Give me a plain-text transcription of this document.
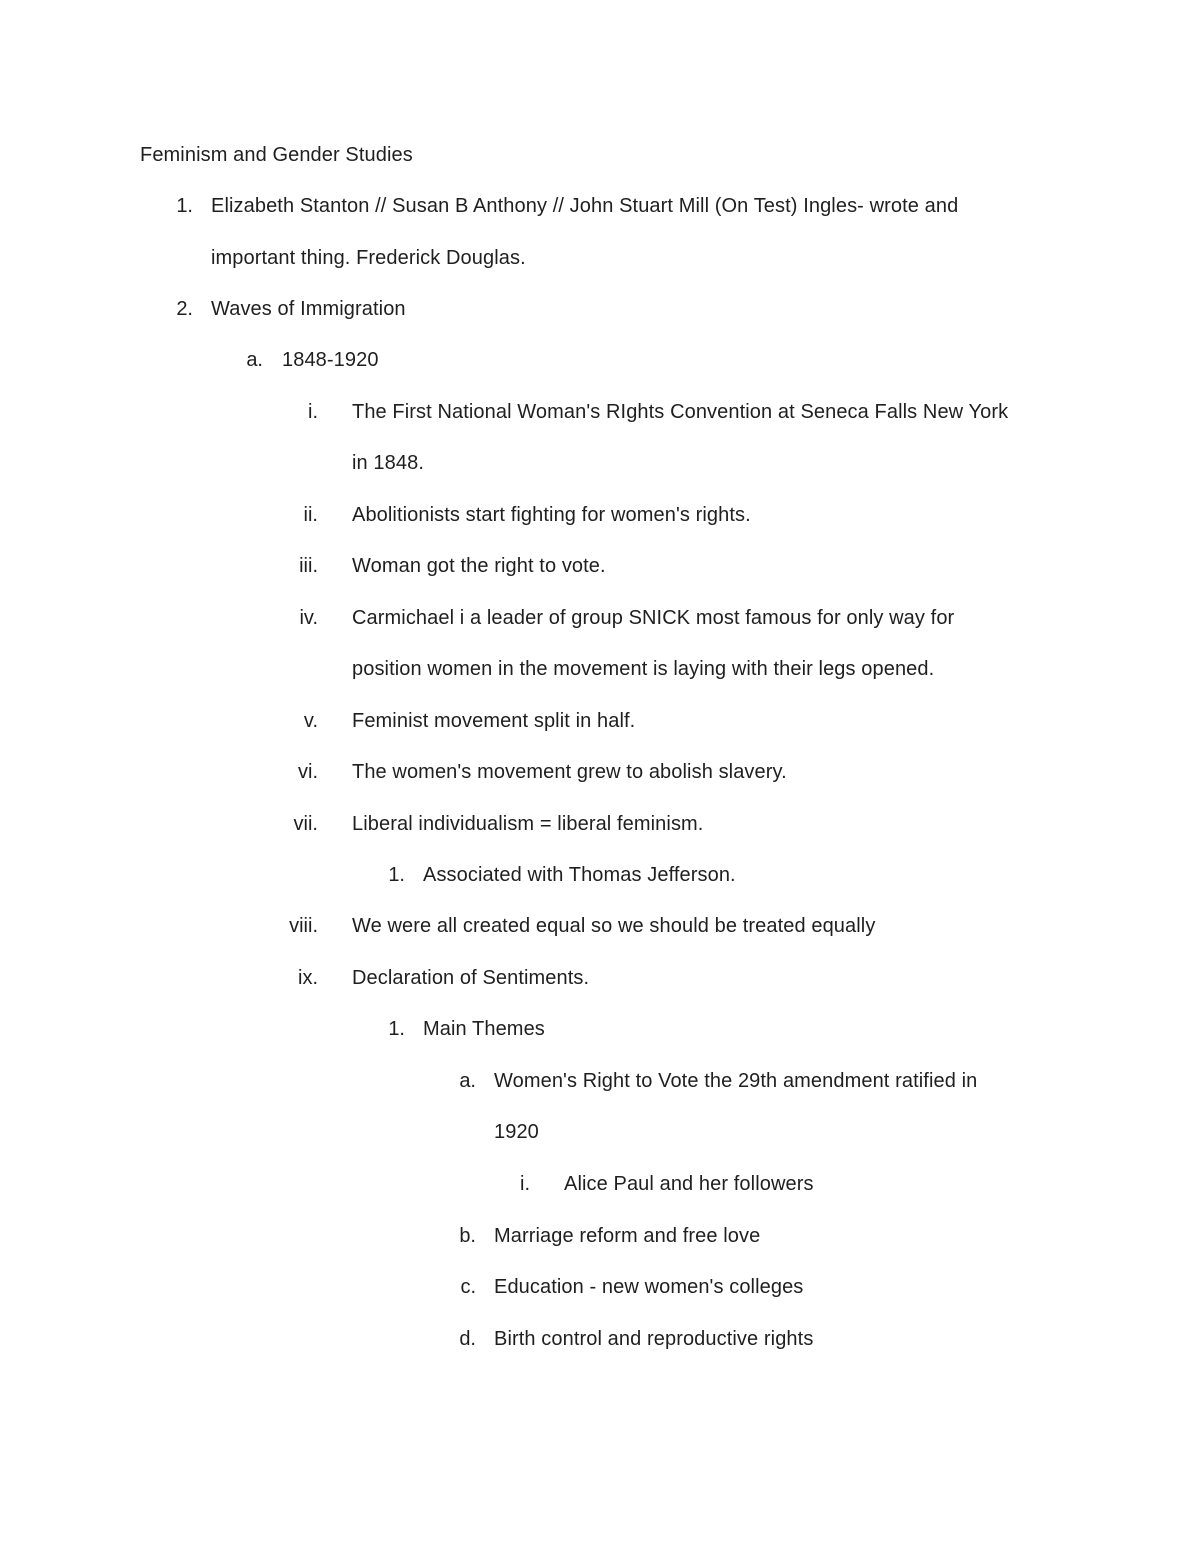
Feminism and Gender Studies
1. Elizabeth Stanton // Susan B Anthony // John Stuart Mill (On Test) Ingles- wrote and
important thing. Frederick Douglas.
2. Waves of Immigration
a. 1848-1920
i. The First National Woman's RIghts Convention at Seneca Falls New York
in 1848.
ii. Abolitionists start fighting for women's rights.
iii. Woman got the right to vote.
iv. Carmichael i a leader of group SNICK most famous for only way for
position women in the movement is laying with their legs opened.
v. Feminist movement split in half.
vi. The women's movement grew to abolish slavery.
vii. Liberal individualism = liberal feminism.
1. Associated with Thomas Jefferson.
viii. We were all created equal so we should be treated equally
ix. Declaration of Sentiments.
1. Main Themes
a. Women's Right to Vote the 29th amendment ratified in
1920
i. Alice Paul and her followers
b. Marriage reform and free love
c. Education - new women's colleges
d. Birth control and reproductive rights
